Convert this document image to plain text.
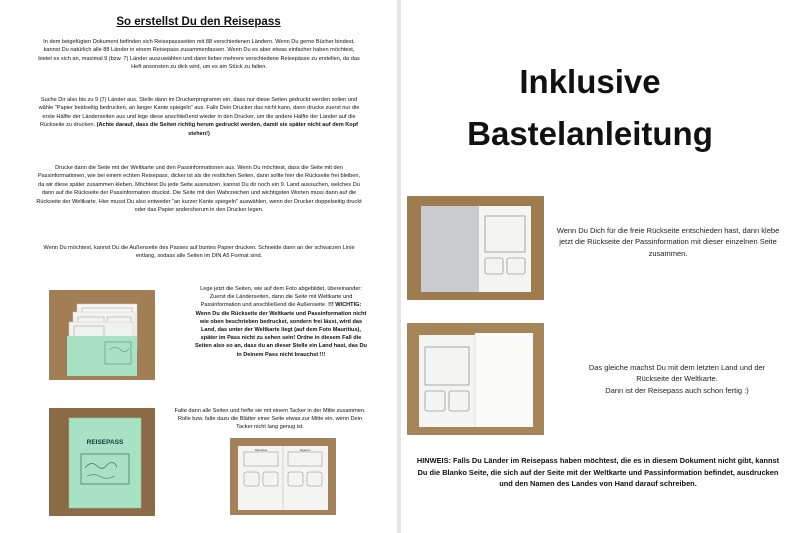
So erstellst Du den Reisepass

In dem beigefügten Dokument befinden sich Reisepassseiten mit 88 verschiedenen Ländern. Wenn Du gerne Bücher bindest, kannst Du natürlich alle 88 Länder in einem Reisepass zusammenfassen. Wenn Du es aber etwas einfacher haben möchtest, bietet es sich an, maximal 9 (bzw. 7) Länder auszuwählen und dann lieber mehrere verschiedene Reisepässe zu erstellen, da das Heft ansonsten zu dick wird, um es am Stück zu falten.

Suche Dir also bis zu 9 (7) Länder aus. Stelle dann im Druckerprogramm ein, dass nur diese Seiten gedruckt werden sollen und wähle "Papier beidseitig bedrucken, an langer Kante spiegeln" aus. Falls Dein Drucker das nicht kann, dann drucke zuerst nur die erste Hälfte der Länderseiten aus und lege diese anschließend wieder in den Drucker, um die andere Hälfte der Länder auf die Rückseite zu drucken. (Achte darauf, dass die Seiten richtig herum gedruckt werden, damit sie später nicht auf dem Kopf stehen!)

Drucke dann die Seite mit der Weltkarte und den Passinformationen aus. Wenn Du möchtest, dass die Seite mit den Passinformationen, wie bei einem echten Reisepass, dicker ist als die restlichen Seiten, dann sollte hier die Rückseite frei bleiben, da wir diese später zusammen kleben. Möchtest Du jede Seite ausnutzen, kannst Du dir noch ein 9. Land aussuchen, welches Du dann auf die Rückseite der Passinformation druckst. Die Seite mit den Wahrzeichen und wichtigsten Worten muss dann auf die Rückseite der Weltkarte. Hier musst Du also entweder "an kurzer Kante spiegeln" auswählen, wenn der Drucker doppelseitig druckt oder das Papier andersherum in den Drucker legen.

Wenn Du möchtest, kannst Du die Außenseite des Passes auf buntes Papier drucken. Schneide dann an der schwarzen Linie entlang, sodass alle Seiten im DIN A5 Format sind.

Lege jetzt die Seiten, wie auf dem Foto abgebildet, übereinander: Zuerst die Länderseiten, dann die Seite mit Weltkarte und Passinformation und anschließend die Außenseite. !!! WICHTIG: Wenn Du die Rückseite der Weltkarte und Passinformation nicht wie oben beschrieben bedruckst, sondern frei lässt, wird das Land, das unter der Weltkarte liegt (auf dem Foto Mauritius), später im Pass nicht zu sehen sein! Ordne in diesem Fall die Seiten also so an, dass du an dieser Stelle ein Land hast, das Du in Deinem Pass nicht brauchst !!!

REISEPASS

Falte dann alle Seiten und hefte sie mit einem Tacker in der Mitte zusammen. Rolle bzw. falte dazu die Blätter einer Seite etwas zur Mitte ein, wenn Dein Tacker nicht lang genug ist.

Mauritius	Algerien
Inklusive
Bastelanleitung

Wenn Du Dich für die freie Rückseite entschieden hast, dann klebe jetzt die Rückseite der Passinformation mit dieser einzelnen Seite zusammen.

Das gleiche machst Du mit dem letzten Land und der Rückseite der Weltkarte.
Dann ist der Reisepass auch schon fertig :)

HINWEIS: Falls Du Länder im Reisepass haben möchtest, die es in diesem Dokument nicht gibt, kannst Du die Blanko Seite, die sich auf der Seite mit der Weltkarte und Passinformation befindet, ausdrucken und den Namen des Landes von Hand darauf schreiben.
